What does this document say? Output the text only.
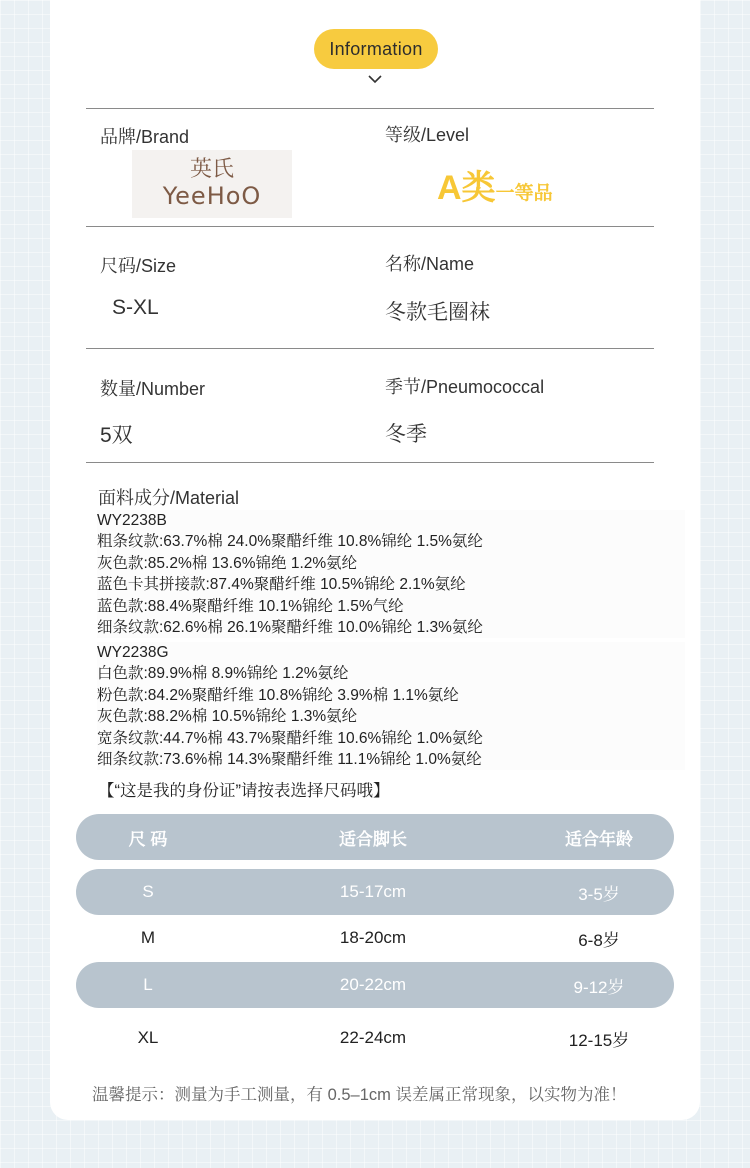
Information
品牌/Brand
英氏
YeeHoO
等级/Level
A类一等品
尺码/Size
S-XL
名称/Name
冬款毛圈袜
数量/Number
5双
季节/Pneumococcal
冬季
面料成分/Material
WY2238B
粗条纹款:63.7%棉 24.0%聚醋纤维 10.8%锦纶 1.5%氨纶
灰色款:85.2%棉 13.6%锦绝 1.2%氨纶
蓝色卡其拼接款:87.4%聚醋纤维 10.5%锦纶 2.1%氨纶
蓝色款:88.4%聚醋纤维 10.1%锦纶 1.5%气纶
细条纹款:62.6%棉 26.1%聚醋纤维 10.0%锦纶 1.3%氨纶
WY2238G
白色款:89.9%棉 8.9%锦纶 1.2%氨纶
粉色款:84.2%聚醋纤维 10.8%锦纶 3.9%棉 1.1%氨纶
灰色款:88.2%棉 10.5%锦纶 1.3%氨纶
宽条纹款:44.7%棉 43.7%聚醋纤维 10.6%锦纶 1.0%氨纶
细条纹款:73.6%棉 14.3%聚醋纤维 11.1%锦纶 1.0%氨纶
【“这是我的身份证”请按表选择尺码哦】
尺 码	适合脚长	适合年龄
S	15-17cm	3-5岁
M	18-20cm	6-8岁
L	20-22cm	9-12岁
XL	22-24cm	12-15岁
温馨提示：测量为手工测量，有 0.5–1cm 误差属正常现象，以实物为准！
